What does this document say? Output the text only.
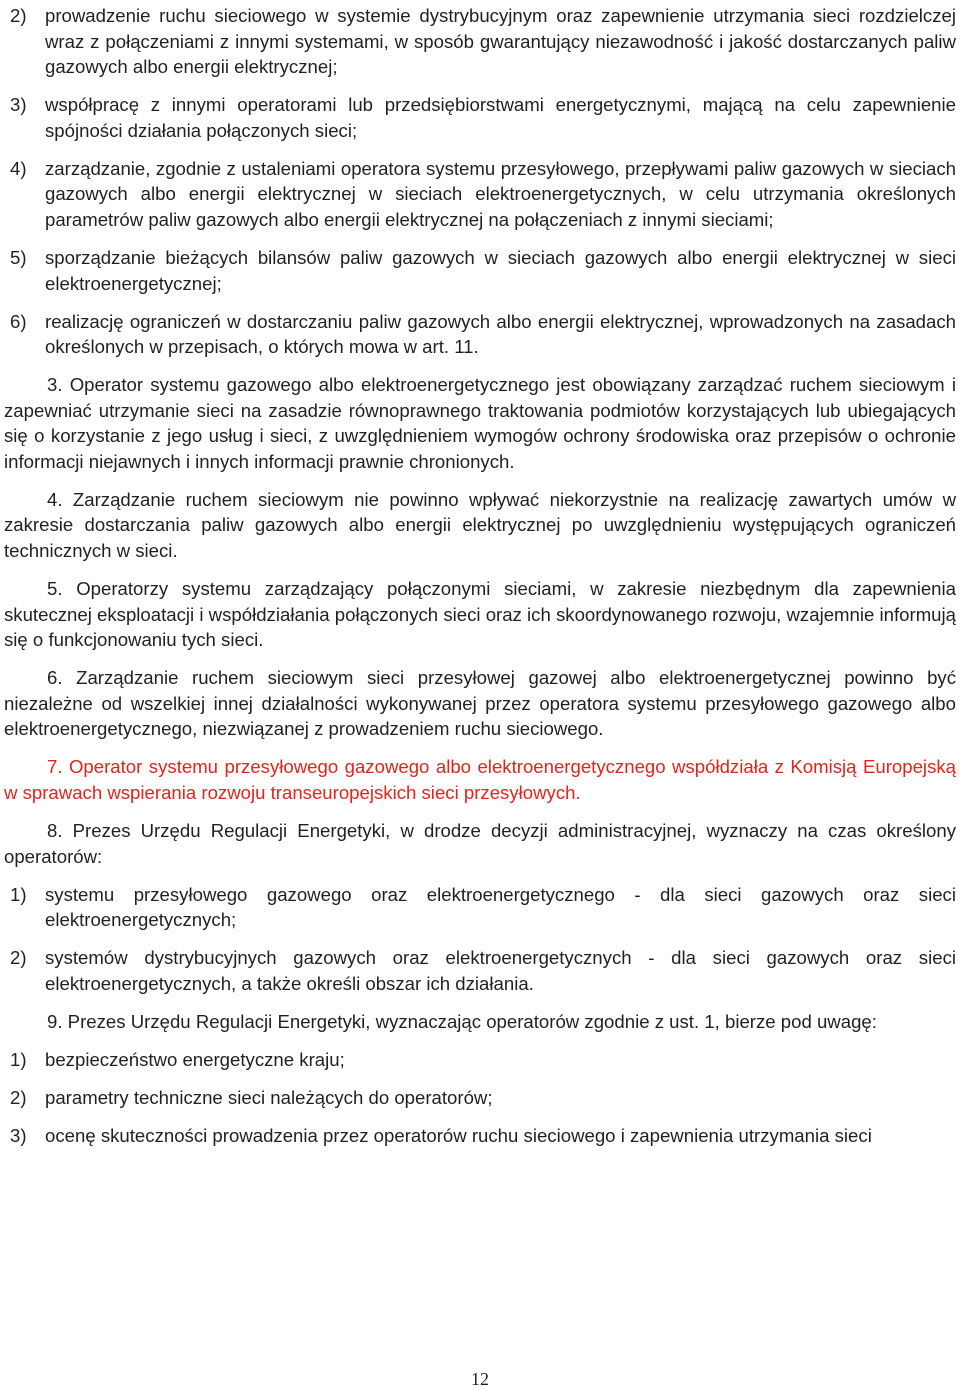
2) prowadzenie ruchu sieciowego w systemie dystrybucyjnym oraz zapewnienie utrzymania sieci rozdzielczej wraz z połączeniami z innymi systemami, w sposób gwarantujący niezawodność i jakość dostarczanych paliw gazowych albo energii elektrycznej;
3) współpracę z innymi operatorami lub przedsiębiorstwami energetycznymi, mającą na celu zapewnienie spójności działania połączonych sieci;
4) zarządzanie, zgodnie z ustaleniami operatora systemu przesyłowego, przepływami paliw gazowych w sieciach gazowych albo energii elektrycznej w sieciach elektroenergetycznych, w celu utrzymania określonych parametrów paliw gazowych albo energii elektrycznej na połączeniach z innymi sieciami;
5) sporządzanie bieżących bilansów paliw gazowych w sieciach gazowych albo energii elektrycznej w sieci elektroenergetycznej;
6) realizację ograniczeń w dostarczaniu paliw gazowych albo energii elektrycznej, wprowadzonych na zasadach określonych w przepisach, o których mowa w art. 11.

3. Operator systemu gazowego albo elektroenergetycznego jest obowiązany zarządzać ruchem sieciowym i zapewniać utrzymanie sieci na zasadzie równoprawnego traktowania podmiotów korzystających lub ubiegających się o korzystanie z jego usług i sieci, z uwzględnieniem wymogów ochrony środowiska oraz przepisów o ochronie informacji niejawnych i innych informacji prawnie chronionych.

4. Zarządzanie ruchem sieciowym nie powinno wpływać niekorzystnie na realizację zawartych umów w zakresie dostarczania paliw gazowych albo energii elektrycznej po uwzględnieniu występujących ograniczeń technicznych w sieci.

5. Operatorzy systemu zarządzający połączonymi sieciami, w zakresie niezbędnym dla zapewnienia skutecznej eksploatacji i współdziałania połączonych sieci oraz ich skoordynowanego rozwoju, wzajemnie informują się o funkcjonowaniu tych sieci.

6. Zarządzanie ruchem sieciowym sieci przesyłowej gazowej albo elektroenergetycznej powinno być niezależne od wszelkiej innej działalności wykonywanej przez operatora systemu przesyłowego gazowego albo elektroenergetycznego, niezwiązanej z prowadzeniem ruchu sieciowego.

7. Operator systemu przesyłowego gazowego albo elektroenergetycznego współdziała z Komisją Europejską w sprawach wspierania rozwoju transeuropejskich sieci przesyłowych.

8. Prezes Urzędu Regulacji Energetyki, w drodze decyzji administracyjnej, wyznaczy na czas określony operatorów:

1) systemu przesyłowego gazowego oraz elektroenergetycznego - dla sieci gazowych oraz sieci elektroenergetycznych;
2) systemów dystrybucyjnych gazowych oraz elektroenergetycznych - dla sieci gazowych oraz sieci elektroenergetycznych, a także określi obszar ich działania.

9. Prezes Urzędu Regulacji Energetyki, wyznaczając operatorów zgodnie z ust. 1, bierze pod uwagę:

1) bezpieczeństwo energetyczne kraju;
2) parametry techniczne sieci należących do operatorów;
3) ocenę skuteczności prowadzenia przez operatorów ruchu sieciowego i zapewnienia utrzymania sieci
12
